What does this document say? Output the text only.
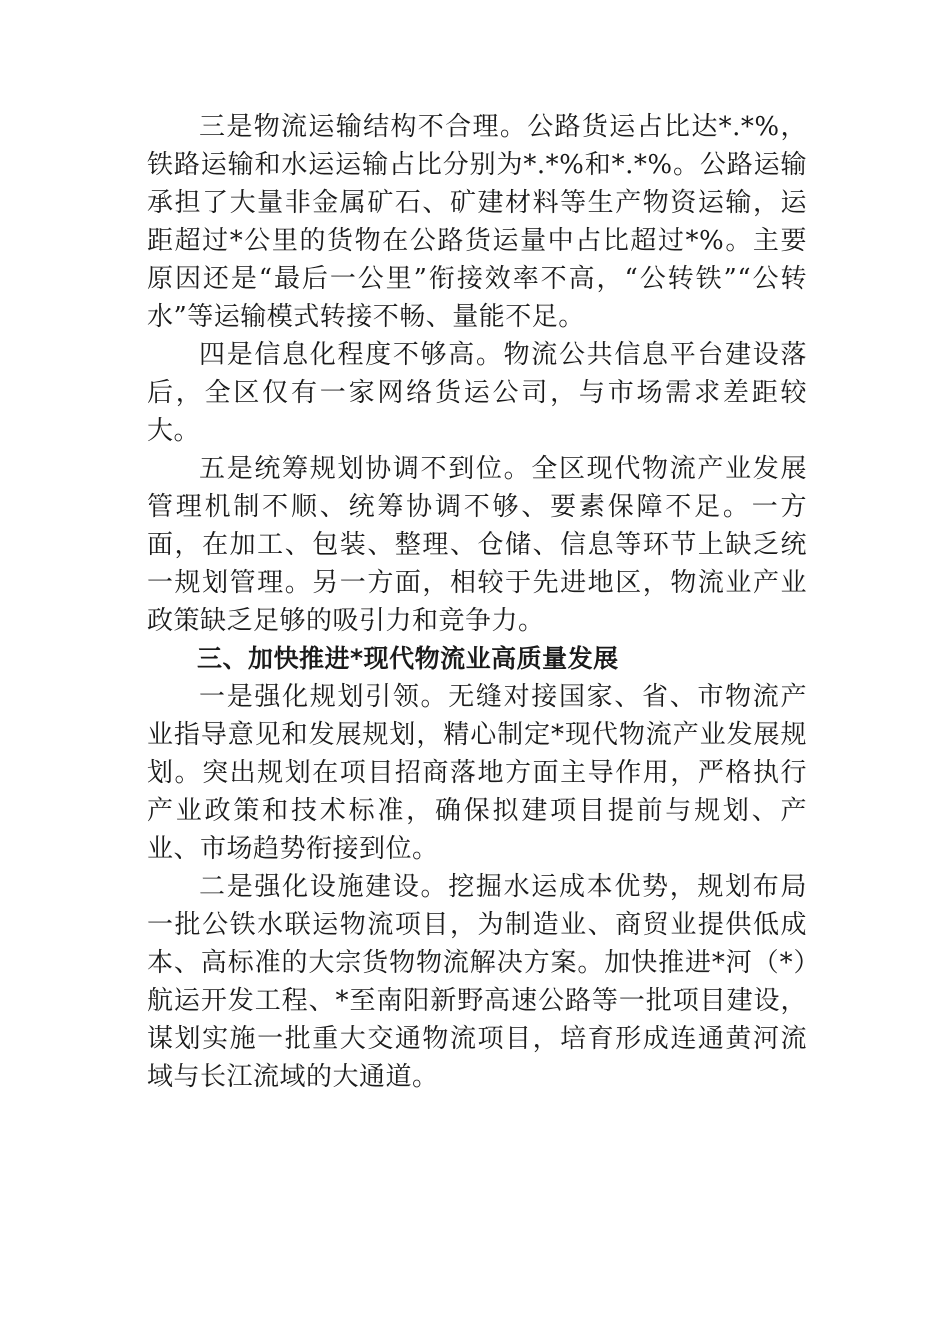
三是物流运输结构不合理。公路货运占比达*.*%，铁路运输和水运运输占比分别为*.*%和*.*%。公路运输承担了大量非金属矿石、矿建材料等生产物资运输，运距超过*公里的货物在公路货运量中占比超过*%。主要原因还是“最后一公里”衔接效率不高，“公转铁”“公转水”等运输模式转接不畅、量能不足。

四是信息化程度不够高。物流公共信息平台建设落后，全区仅有一家网络货运公司，与市场需求差距较大。

五是统筹规划协调不到位。全区现代物流产业发展管理机制不顺、统筹协调不够、要素保障不足。一方面，在加工、包装、整理、仓储、信息等环节上缺乏统一规划管理。另一方面，相较于先进地区，物流业产业政策缺乏足够的吸引力和竞争力。

三、加快推进*现代物流业高质量发展

一是强化规划引领。无缝对接国家、省、市物流产业指导意见和发展规划，精心制定*现代物流产业发展规划。突出规划在项目招商落地方面主导作用，严格执行产业政策和技术标准，确保拟建项目提前与规划、产业、市场趋势衔接到位。

二是强化设施建设。挖掘水运成本优势，规划布局一批公铁水联运物流项目，为制造业、商贸业提供低成本、高标准的大宗货物物流解决方案。加快推进*河（*）航运开发工程、*至南阳新野高速公路等一批项目建设，谋划实施一批重大交通物流项目，培育形成连通黄河流域与长江流域的大通道。
